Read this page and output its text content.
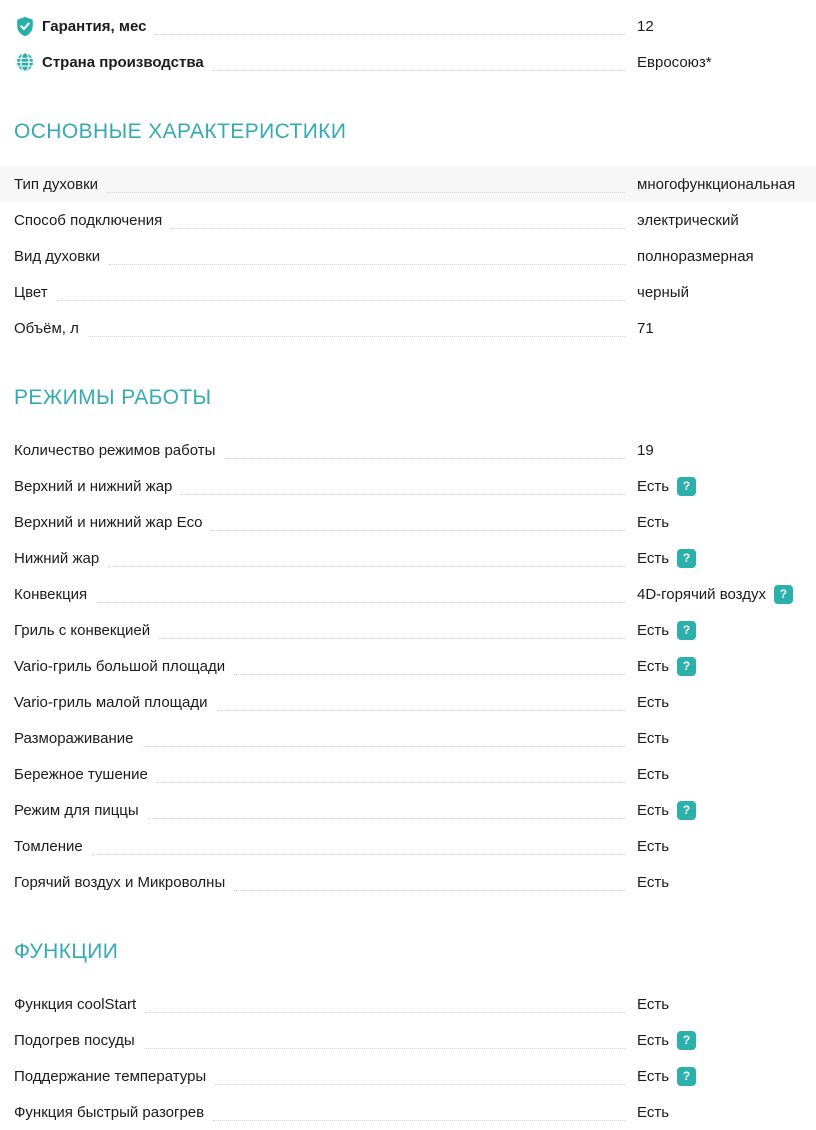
Гарантия, мес	12
Страна производства	Евросоюз*
ОСНОВНЫЕ ХАРАКТЕРИСТИКИ
Тип духовки	многофункциональная
Способ подключения	электрический
Вид духовки	полноразмерная
Цвет	черный
Объём, л	71
РЕЖИМЫ РАБОТЫ
Количество режимов работы	19
Верхний и нижний жар	Есть	?
Верхний и нижний жар Eco	Есть
Нижний жар	Есть	?
Конвекция	4D-горячий воздух	?
Гриль с конвекцией	Есть	?
Vario-гриль большой площади	Есть	?
Vario-гриль малой площади	Есть
Размораживание	Есть
Бережное тушение	Есть
Режим для пиццы	Есть	?
Томление	Есть
Горячий воздух и Микроволны	Есть
ФУНКЦИИ
Функция coolStart	Есть
Подогрев посуды	Есть	?
Поддержание температуры	Есть	?
Функция быстрый разогрев	Есть
